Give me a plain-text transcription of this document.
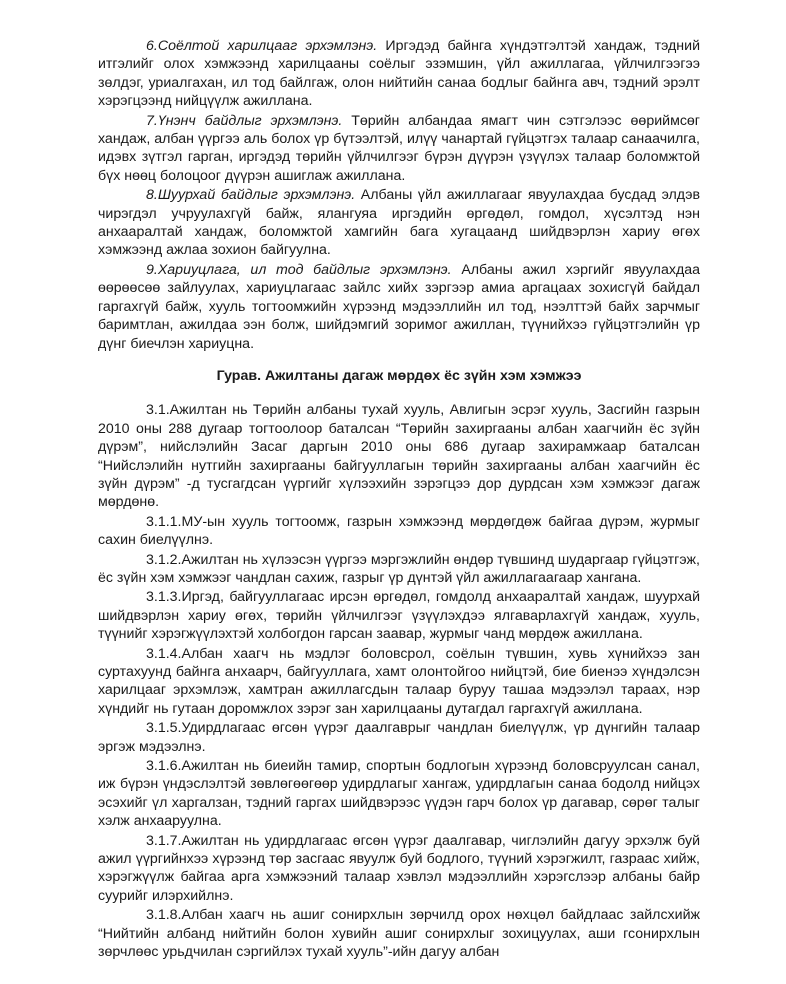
6.Соёлтой харилцааг эрхэмлэнэ. Иргэдэд байнга хүндэтгэлтэй хандаж, тэдний итгэлийг олох хэмжээнд харилцааны соёлыг эзэмшин, үйл ажиллагаа, үйлчилгээгээ зөлдэг, уриалгахан, ил тод байлгаж, олон нийтийн санаа бодлыг байнга авч, тэдний эрэлт хэрэгцээнд нийцүүлж ажиллана.

7.Үнэнч байдлыг эрхэмлэнэ. Төрийн албандаа ямагт чин сэтгэлээс өөриймсөг хандаж, албан үүргээ аль болох үр бүтээлтэй, илүү чанартай гүйцэтгэх талаар санаачилга, идэвх зүтгэл гарган, иргэдэд төрийн үйлчилгээг бүрэн дүүрэн үзүүлэх талаар боломжтой бүх нөөц болоцоог дүүрэн ашиглаж ажиллана.

8.Шуурхай байдлыг эрхэмлэнэ. Албаны үйл ажиллагааг явуулахдаа бусдад элдэв чирэгдэл учруулахгүй байж, ялангуяа иргэдийн өргөдөл, гомдол, хүсэлтэд нэн анхааралтай хандаж, боломжтой хамгийн бага хугацаанд шийдвэрлэн хариу өгөх хэмжээнд ажлаа зохион байгуулна.

9.Хариуцлага, ил тод байдлыг эрхэмлэнэ. Албаны ажил хэргийг явуулахдаа өөрөөсөө зайлуулах, хариуцлагаас зайлс хийх зэргээр амиа аргацаах зохисгүй байдал гаргахгүй байж, хууль тогтоомжийн хүрээнд мэдээллийн ил тод, нээлттэй байх зарчмыг баримтлан, ажилдаа ээн болж, шийдэмгий зоримог ажиллан, түүнийхээ гүйцэтгэлийн үр дүнг биечлэн хариуцна.

Гурав. Ажилтаны дагаж мөрдөх ёс зүйн хэм хэмжээ

3.1.Ажилтан нь Төрийн албаны тухай хууль, Авлигын эсрэг хууль, Засгийн газрын 2010 оны 288 дугаар тогтоолоор баталсан “Төрийн захиргааны албан хаагчийн ёс зүйн дүрэм”, нийслэлийн Засаг даргын 2010 оны 686 дугаар захирамжаар баталсан “Нийслэлийн нутгийн захиргааны байгууллагын төрийн захиргааны албан хаагчийн ёс зүйн дүрэм” -д тусгагдсан үүргийг хүлээхийн зэрэгцээ дор дурдсан хэм хэмжээг дагаж мөрдөнө.

3.1.1.МУ-ын хууль тогтоомж, газрын хэмжээнд мөрдөгдөж байгаа дүрэм, журмыг сахин биелүүлнэ.

3.1.2.Ажилтан нь хүлээсэн үүргээ мэргэжлийн өндөр түвшинд шударгаар гүйцэтгэж, ёс зүйн хэм хэмжээг чандлан сахиж, газрыг үр дүнтэй үйл ажиллагаагаар хангана.

3.1.3.Иргэд, байгууллагаас ирсэн өргөдөл, гомдолд анхааралтай хандаж, шуурхай шийдвэрлэн хариу өгөх, төрийн үйлчилгээг үзүүлэхдээ ялгаварлахгүй хандаж, хууль, түүнийг хэрэгжүүлэхтэй холбогдон гарсан заавар, журмыг чанд мөрдөж ажиллана.

3.1.4.Албан хаагч нь мэдлэг боловсрол, соёлын түвшин, хувь хүнийхээ зан суртахуунд байнга анхаарч, байгууллага, хамт олонтойгоо нийцтэй, бие биенээ хүндэлсэн харилцааг эрхэмлэж, хамтран ажиллагсдын талаар буруу ташаа мэдээлэл тараах, нэр хүндийг нь гутаан доромжлох зэрэг зан харилцааны дутагдал гаргахгүй ажиллана.

3.1.5.Удирдлагаас өгсөн үүрэг даалгаврыг чандлан биелүүлж, үр дүнгийн талаар эргэж мэдээлнэ.

3.1.6.Ажилтан нь биеийн тамир, спортын бодлогын хүрээнд боловсруулсан санал, иж бүрэн үндэслэлтэй зөвлөгөөгөөр удирдлагыг хангаж, удирдлагын санаа бодолд нийцэх эсэхийг үл харгалзан, тэдний гаргах шийдвэрээс үүдэн гарч болох үр дагавар, сөрөг талыг хэлж анхааруулна.

3.1.7.Ажилтан нь удирдлагаас өгсөн үүрэг даалгавар, чиглэлийн дагуу эрхэлж буй ажил үүргийнхээ хүрээнд төр засгаас явуулж буй бодлого, түүний хэрэгжилт, газраас хийж, хэрэгжүүлж байгаа арга хэмжээний талаар хэвлэл мэдээллийн хэрэгслээр албаны байр суурийг илэрхийлнэ.

3.1.8.Албан хаагч нь ашиг сонирхлын зөрчилд орох нөхцөл байдлаас зайлсхийж “Нийтийн албанд нийтийн болон хувийн ашиг сонирхлыг зохицуулах, аши гсонирхлын зөрчлөөс урьдчилан сэргийлэх тухай хууль”-ийн дагуу албан
